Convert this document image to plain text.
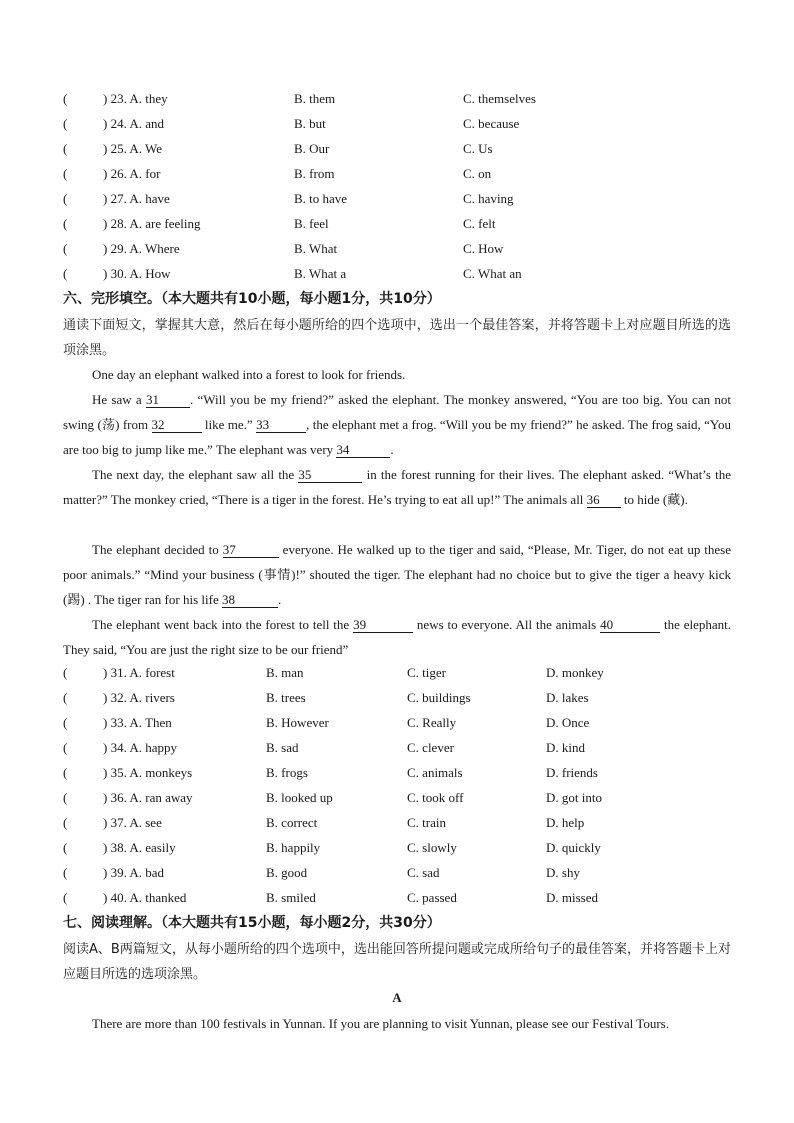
(	) 23. A. they	B. them	C. themselves
(	) 24. A. and	B. but	C. because
(	) 25. A. We	B. Our	C. Us
(	) 26. A. for	B. from	C. on
(	) 27. A. have	B. to have	C. having
(	) 28. A. are feeling	B. feel	C. felt
(	) 29. A. Where	B. What	C. How
(	) 30. A. How	B. What a	C. What an
六、完形填空。（本大题共有10小题，每小题1分，共10分）
通读下面短文，掌握其大意，然后在每小题所给的四个选项中，选出一个最佳答案，并将答题卡上对应题目所选的选项涂黑。
One day an elephant walked into a forest to look for friends.
He saw a 31 . “Will you be my friend?” asked the elephant. The monkey answered, “You are too big. You can not swing (荡) from 32	like me.” 33	, the elephant met a frog. “Will you be my friend?” he asked. The frog said, “You are too big to jump like me.” The elephant was very 34	.
The next day, the elephant saw all the 35	in the forest running for their lives. The elephant asked. “What’s the matter?” The monkey cried, “There is a tiger in the forest. He’s trying to eat all up!” The animals all 36 to hide (藏).
The elephant decided to 37	everyone. He walked up to the tiger and said, “Please, Mr. Tiger, do not eat up these poor animals.” “Mind your business (事情)!” shouted the tiger. The elephant had no choice but to give the tiger a heavy kick (踢) . The tiger ran for his life 38	.
The elephant went back into the forest to tell the 39	news to everyone. All the animals 40	the elephant. They said, “You are just the right size to be our friend”
(	) 31. A. forest	B. man	C. tiger	D. monkey
(	) 32. A. rivers	B. trees	C. buildings	D. lakes
(	) 33. A. Then	B. However	C. Really	D. Once
(	) 34. A. happy	B. sad	C. clever	D. kind
(	) 35. A. monkeys	B. frogs	C. animals	D. friends
(	) 36. A. ran away	B. looked up	C. took off	D. got into
(	) 37. A. see	B. correct	C. train	D. help
(	) 38. A. easily	B. happily	C. slowly	D. quickly
(	) 39. A. bad	B. good	C. sad	D. shy
(	) 40. A. thanked	B. smiled	C. passed	D. missed
七、阅读理解。（本大题共有15小题，每小题2分，共30分）
阅读A、B两篇短文，从每小题所给的四个选项中，选出能回答所提问题或完成所给句子的最佳答案，并将答题卡上对应题目所选的选项涂黑。
A
There are more than 100 festivals in Yunnan. If you are planning to visit Yunnan, please see our Festival Tours.
